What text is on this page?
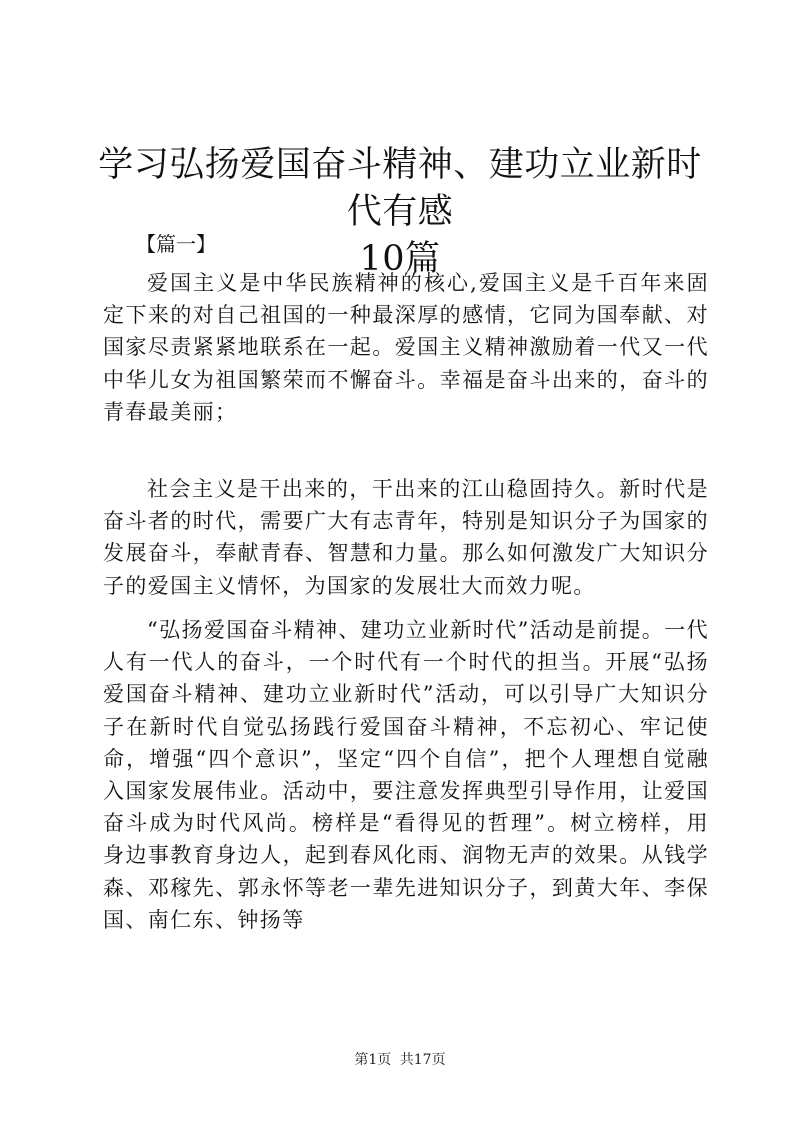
学习弘扬爱国奋斗精神、建功立业新时代有感
10篇

【篇一】

爱国主义是中华民族精神的核心,爱国主义是千百年来固定下来的对自己祖国的一种最深厚的感情，它同为国奉献、对国家尽责紧紧地联系在一起。爱国主义精神激励着一代又一代中华儿女为祖国繁荣而不懈奋斗。幸福是奋斗出来的，奋斗的青春最美丽；

社会主义是干出来的，干出来的江山稳固持久。新时代是奋斗者的时代，需要广大有志青年，特别是知识分子为国家的发展奋斗，奉献青春、智慧和力量。那么如何激发广大知识分子的爱国主义情怀，为国家的发展壮大而效力呢。

“弘扬爱国奋斗精神、建功立业新时代”活动是前提。一代人有一代人的奋斗，一个时代有一个时代的担当。开展“弘扬爱国奋斗精神、建功立业新时代”活动，可以引导广大知识分子在新时代自觉弘扬践行爱国奋斗精神，不忘初心、牢记使命，增强“四个意识”，坚定“四个自信”，把个人理想自觉融入国家发展伟业。活动中，要注意发挥典型引导作用，让爱国奋斗成为时代风尚。榜样是“看得见的哲理”。树立榜样，用身边事教育身边人，起到春风化雨、润物无声的效果。从钱学森、邓稼先、郭永怀等老一辈先进知识分子，到黄大年、李保国、南仁东、钟扬等

第1页 共17页
